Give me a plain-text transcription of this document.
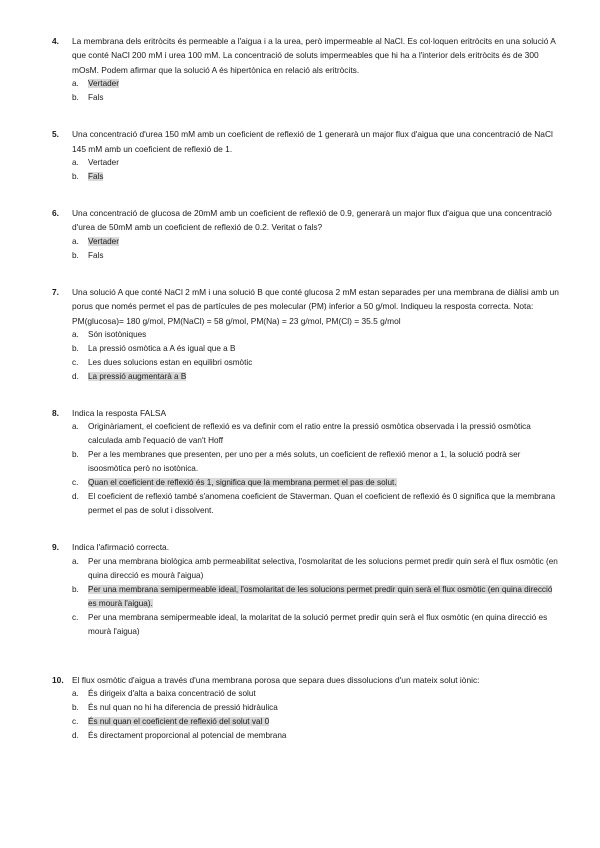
4. La membrana dels eritròcits és permeable a l'aigua i a la urea, però impermeable al NaCl. Es col·loquen eritròcits en una solució A que conté NaCl 200 mM i urea 100 mM. La concentració de soluts impermeables que hi ha a l'interior dels eritròcits és de 300 mOsM. Podem afirmar que la solució A és hipertònica en relació als eritròcits.
a. Vertader
b. Fals
5. Una concentració d'urea 150 mM amb un coeficient de reflexió de 1 generarà un major flux d'aigua que una concentració de NaCl 145 mM amb un coeficient de reflexió de 1.
a. Vertader
b. Fals
6. Una concentració de glucosa de 20mM amb un coeficient de reflexió de 0.9, generarà un major flux d'aigua que una concentració d'urea de 50mM amb un coeficient de reflexió de 0.2. Veritat o fals?
a. Vertader
b. Fals
7. Una solució A que conté NaCl 2 mM i una solució B que conté glucosa 2 mM estan separades per una membrana de diàlisi amb un porus que només permet el pas de partícules de pes molecular (PM) inferior a 50 g/mol. Indiqueu la resposta correcta. Nota: PM(glucosa)= 180 g/mol, PM(NaCl) = 58 g/mol, PM(Na) = 23 g/mol, PM(Cl) = 35.5 g/mol
a. Són isotòniques
b. La pressió osmòtica a A és igual que a B
c. Les dues solucions estan en equilibri osmòtic
d. La pressió augmentarà a B
8. Indica la resposta FALSA
a. Originàriament, el coeficient de reflexió es va definir com el ratio entre la pressió osmòtica observada i la pressió osmòtica calculada amb l'equació de van't Hoff
b. Per a les membranes que presenten, per uno per a més soluts, un coeficient de reflexió menor a 1, la solució podrà ser isoosmòtica però no isotònica.
c. Quan el coeficient de reflexió és 1, significa que la membrana permet el pas de solut.
d. El coeficient de reflexió també s'anomena coeficient de Staverman. Quan el coeficient de reflexió és 0 significa que la membrana permet el pas de solut i dissolvent.
9. Indica l'afirmació correcta.
a. Per una membrana biològica amb permeabilitat selectiva, l'osmolaritat de les solucions permet predir quin serà el flux osmòtic (en quina direcció es mourà l'aigua)
b. Per una membrana semipermeable ideal, l'osmolaritat de les solucions permet predir quin serà el flux osmòtic (en quina direcció es mourà l'aigua).
c. Per una membrana semipermeable ideal, la molaritat de la solució permet predir quin serà el flux osmòtic (en quina direcció es mourà l'aigua)
10. El flux osmòtic d'aigua a través d'una membrana porosa que separa dues dissolucions d'un mateix solut iònic:
a. És dirigeix d'alta a baixa concentració de solut
b. És nul quan no hi ha diferencia de pressió hidràulica
c. És nul quan el coeficient de reflexió del solut val 0
d. És directament proporcional al potencial de membrana
